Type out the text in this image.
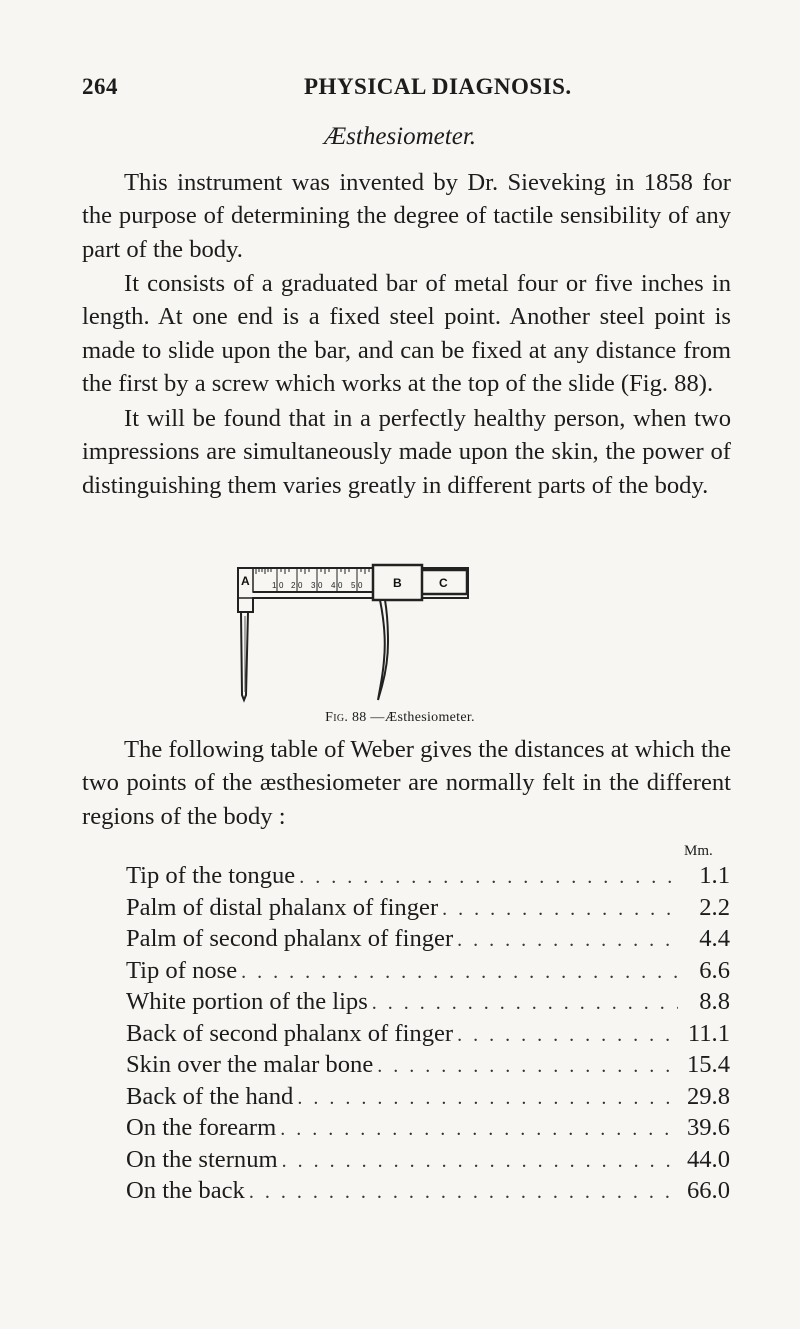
264	PHYSICAL DIAGNOSIS.
Æsthesiometer.

This instrument was invented by Dr. Sieveking in 1858 for the purpose of determining the degree of tactile sensibility of any part of the body.

It consists of a graduated bar of metal four or five inches in length. At one end is a fixed steel point. Another steel point is made to slide upon the bar, and can be fixed at any distance from the first by a screw which works at the top of the slide (Fig. 88).

It will be found that in a perfectly healthy person, when two impressions are simultaneously made upon the skin, the power of distinguishing them varies greatly in different parts of the body.

1 0 2 0 3 0 4 0 5 0
A	B	C
Fig. 88 —Æsthesiometer.

The following table of Weber gives the distances at which the two points of the æsthesiometer are normally felt in the different regions of the body :

Mm.
Tip of the tongue . . .	1.1
Palm of distal phalanx of finger . . .	2.2
Palm of second phalanx of finger . . .	4.4
Tip of nose . . .	6.6
White portion of the lips . . .	8.8
Back of second phalanx of finger . . .	11.1
Skin over the malar bone . . .	15.4
Back of the hand . . .	29.8
On the forearm . . .	39.6
On the sternum . . .	44.0
On the back . . .	66.0
